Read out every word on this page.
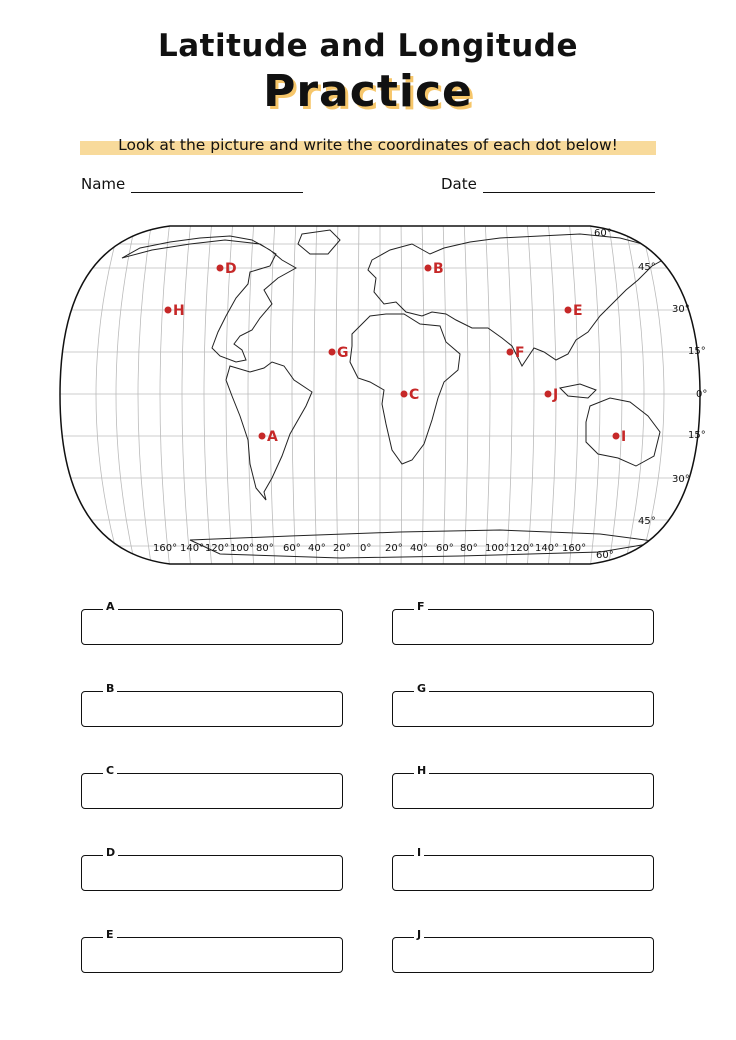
Latitude and Longitude
Practice
Look at the picture and write the coordinates of each dot below!
Name	Date
160° 140° 120° 100° 80° 60° 40° 20° 0° 20° 40° 60° 80° 100° 120° 140° 160°
60°
45°
30°
15°
0°
15°
30°
45°
60°
D	B
H	E
G	F
C	J
A	I
A
B
C
D
E
F
G
H
I
J
